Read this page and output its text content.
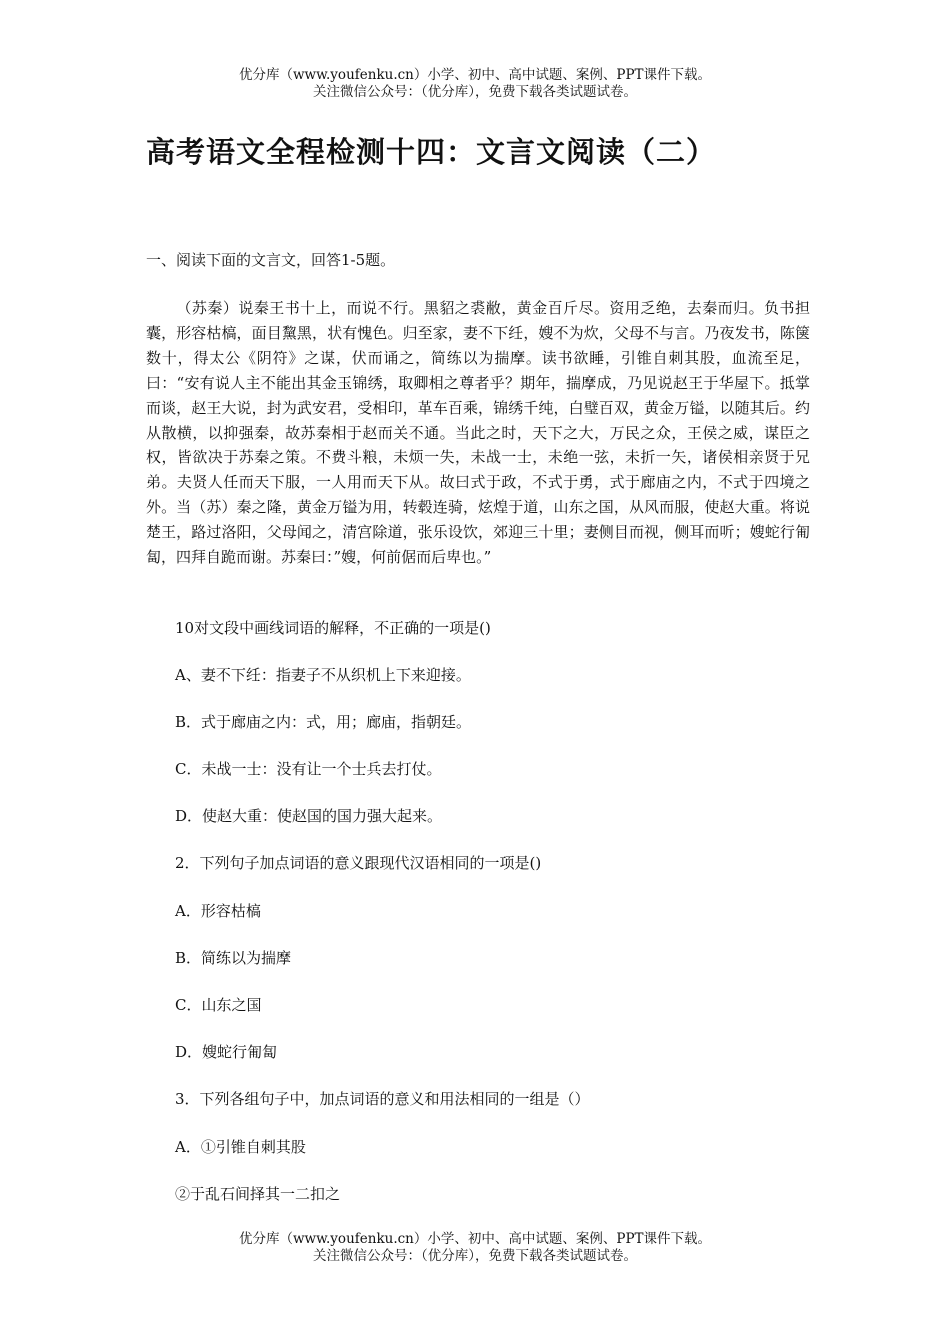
优分库（www.youfenku.cn）小学、初中、高中试题、案例、PPT课件下载。
关注微信公众号：（优分库），免费下载各类试题试卷。
高考语文全程检测十四：文言文阅读（二）
一、阅读下面的文言文，回答1-5题。
（苏秦）说秦王书十上，而说不行。黑貂之裘敝，黄金百斤尽。资用乏绝，去秦而归。负书担囊，形容枯槁，面目黧黑，状有愧色。归至家，妻不下纴，嫂不为炊，父母不与言。乃夜发书，陈箧数十，得太公《阴符》之谋，伏而诵之，简练以为揣摩。读书欲睡，引锥自刺其股，血流至足，曰：“安有说人主不能出其金玉锦绣，取卿相之尊者乎？期年，揣摩成，乃见说赵王于华屋下。抵掌而谈，赵王大说，封为武安君，受相印，革车百乘，锦绣千纯，白璧百双，黄金万镒，以随其后。约从散横，以抑强秦，故苏秦相于赵而关不通。当此之时，天下之大，万民之众，王侯之威，谋臣之权，皆欲决于苏秦之策。不费斗粮，未烦一失，未战一士，未绝一弦，未折一矢，诸侯相亲贤于兄弟。夫贤人任而天下服，一人用而天下从。故曰式于政，不式于勇，式于廊庙之内，不式于四境之外。当（苏）秦之隆，黄金万镒为用，转毂连骑，炫煌于道，山东之国，从风而服，使赵大重。将说楚王，路过洛阳，父母闻之，清宫除道，张乐设饮，郊迎三十里；妻侧目而视，侧耳而听；嫂蛇行匍匐，四拜自跪而谢。苏秦曰：”嫂，何前倨而后卑也。”
10对文段中画线词语的解释，不正确的一项是()
A、妻不下纴：指妻子不从织机上下来迎接。
B．式于廊庙之内：式，用；廊庙，指朝廷。
C．未战一士：没有让一个士兵去打仗。
D．使赵大重：使赵国的国力强大起来。
2．下列句子加点词语的意义跟现代汉语相同的一项是()
A．形容枯槁
B．简练以为揣摩
C．山东之国
D．嫂蛇行匍匐
3．下列各组句子中，加点词语的意义和用法相同的一组是（）
A．①引锥自刺其股
②于乱石间择其一二扣之
优分库（www.youfenku.cn）小学、初中、高中试题、案例、PPT课件下载。
关注微信公众号：（优分库），免费下载各类试题试卷。
